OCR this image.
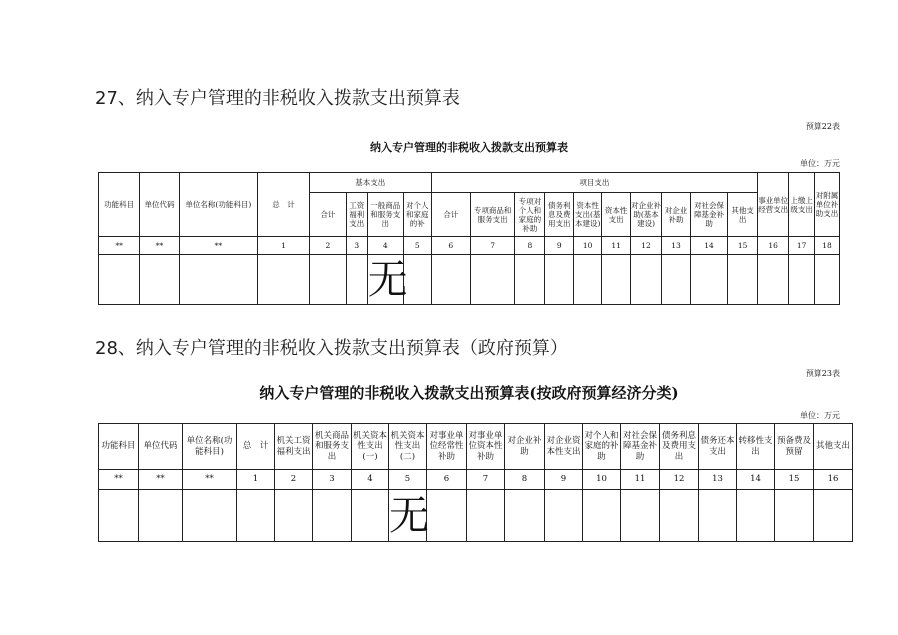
27、纳入专户管理的非税收入拨款支出预算表
预算22表
纳入专户管理的非税收入拨款支出预算表
单位：万元
功能科目	单位代码	单位名称(功能科目)	总　计	基本支出				项目支出										事业单位经营支出	上缴上级支出	对附属单位补助支出
				合计	工资福利支出	一般商品和服务支出	对个人和家庭的补	合计	专项商品和服务支出	专项对个人和家庭的补助	债务利息及费用支出	资本性支出(基本建设)	资本性支出	对企业补助(基本建设)	对企业补助	对社会保障基金补助	其他支出			
**	**	**	1	2	3	4	5	6	7	8	9	10	11	12	13	14	15	16	17	18
						无														
28、纳入专户管理的非税收入拨款支出预算表（政府预算）
预算23表
纳入专户管理的非税收入拨款支出预算表(按政府预算经济分类)
单位：万元
功能科目	单位代码	单位名称(功能科目)	总　计	机关工资福利支出	机关商品和服务支出	机关资本性支出(一)	机关资本性支出(二)	对事业单位经常性补助	对事业单位资本性补助	对企业补助	对企业资本性支出	对个人和家庭的补助	对社会保障基金补助	债务利息及费用支出	债务还本支出	转移性支出	预备费及预留	其他支出
**	**	**	1	2	3	4	5	6	7	8	9	10	11	12	13	14	15	16
							无											
